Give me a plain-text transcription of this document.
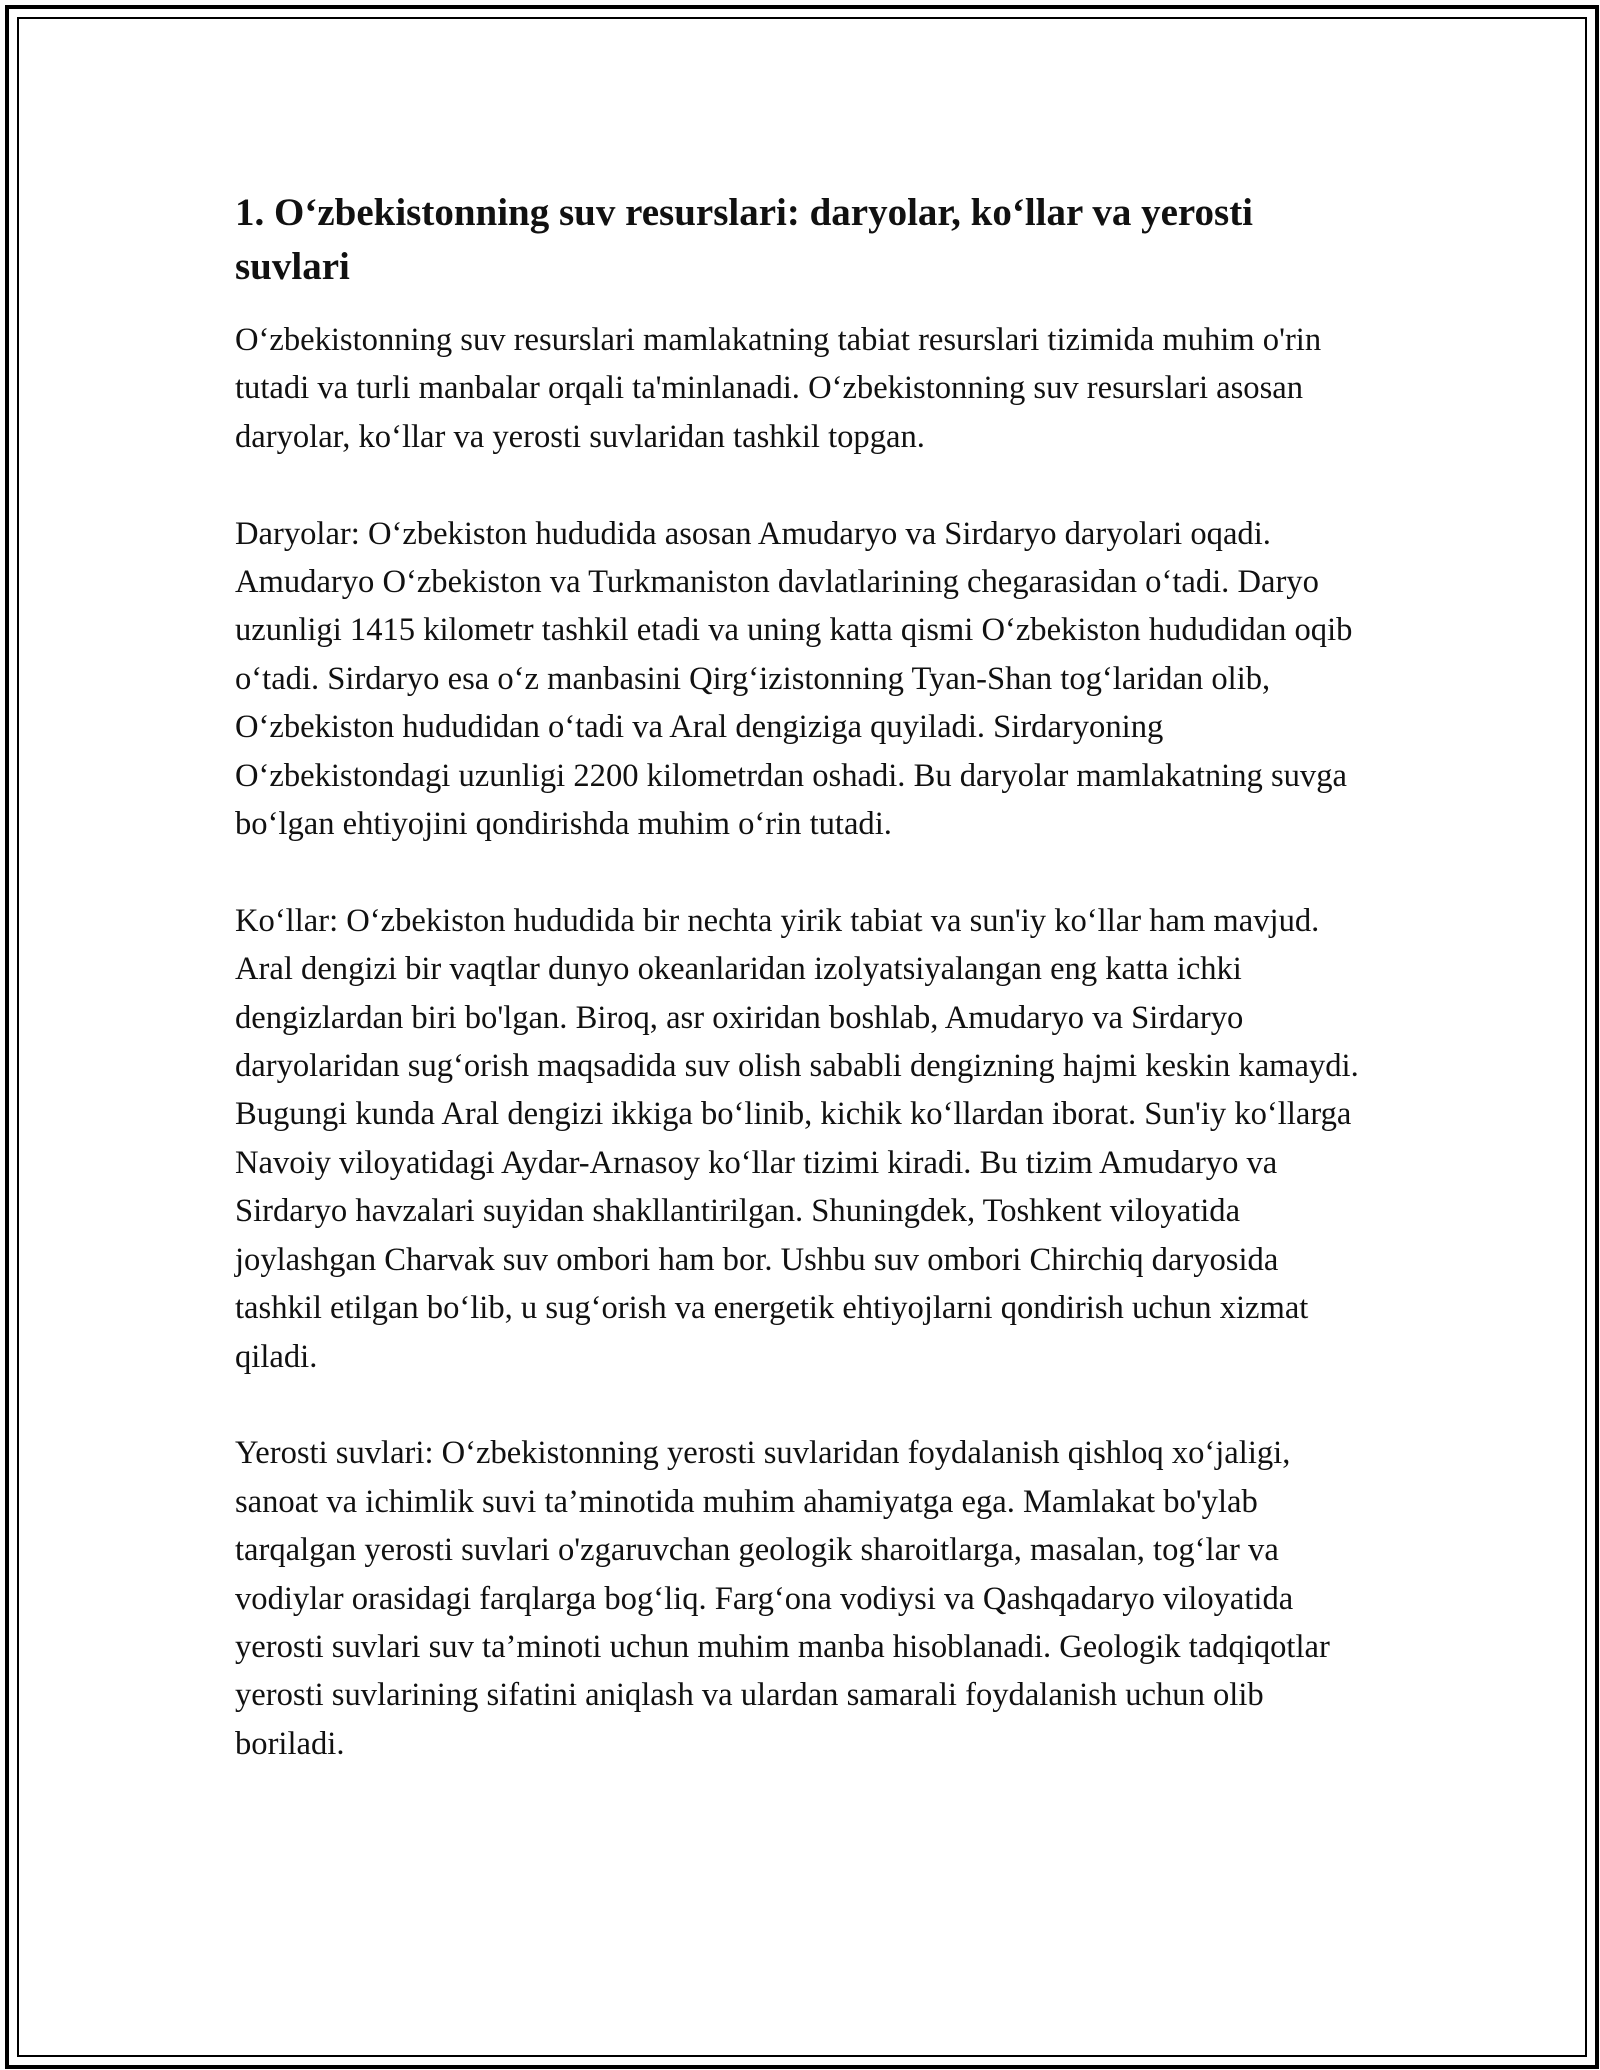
1. O‘zbekistonning suv resurslari: daryolar, ko‘llar va yerosti suvlari

O‘zbekistonning suv resurslari mamlakatning tabiat resurslari tizimida muhim o'rin tutadi va turli manbalar orqali ta'minlanadi. O‘zbekistonning suv resurslari asosan daryolar, ko‘llar va yerosti suvlaridan tashkil topgan.

Daryolar: O‘zbekiston hududida asosan Amudaryo va Sirdaryo daryolari oqadi. Amudaryo O‘zbekiston va Turkmaniston davlatlarining chegarasidan o‘tadi. Daryo uzunligi 1415 kilometr tashkil etadi va uning katta qismi O‘zbekiston hududidan oqib o‘tadi. Sirdaryo esa o‘z manbasini Qirg‘izistonning Tyan-Shan tog‘laridan olib, O‘zbekiston hududidan o‘tadi va Aral dengiziga quyiladi. Sirdaryoning O‘zbekistondagi uzunligi 2200 kilometrdan oshadi. Bu daryolar mamlakatning suvga bo‘lgan ehtiyojini qondirishda muhim o‘rin tutadi.

Ko‘llar: O‘zbekiston hududida bir nechta yirik tabiat va sun'iy ko‘llar ham mavjud. Aral dengizi bir vaqtlar dunyo okeanlaridan izolyatsiyalangan eng katta ichki dengizlardan biri bo'lgan. Biroq, asr oxiridan boshlab, Amudaryo va Sirdaryo daryolaridan sug‘orish maqsadida suv olish sababli dengizning hajmi keskin kamaydi. Bugungi kunda Aral dengizi ikkiga bo‘linib, kichik ko‘llardan iborat. Sun'iy ko‘llarga Navoiy viloyatidagi Aydar-Arnasoy ko‘llar tizimi kiradi. Bu tizim Amudaryo va Sirdaryo havzalari suyidan shakllantirilgan. Shuningdek, Toshkent viloyatida joylashgan Charvak suv ombori ham bor. Ushbu suv ombori Chirchiq daryosida tashkil etilgan bo‘lib, u sug‘orish va energetik ehtiyojlarni qondirish uchun xizmat qiladi.

Yerosti suvlari: O‘zbekistonning yerosti suvlaridan foydalanish qishloq xo‘jaligi, sanoat va ichimlik suvi ta’minotida muhim ahamiyatga ega. Mamlakat bo'ylab tarqalgan yerosti suvlari o'zgaruvchan geologik sharoitlarga, masalan, tog‘lar va vodiylar orasidagi farqlarga bog‘liq. Farg‘ona vodiysi va Qashqadaryo viloyatida yerosti suvlari suv ta’minoti uchun muhim manba hisoblanadi. Geologik tadqiqotlar yerosti suvlarining sifatini aniqlash va ulardan samarali foydalanish uchun olib boriladi.
